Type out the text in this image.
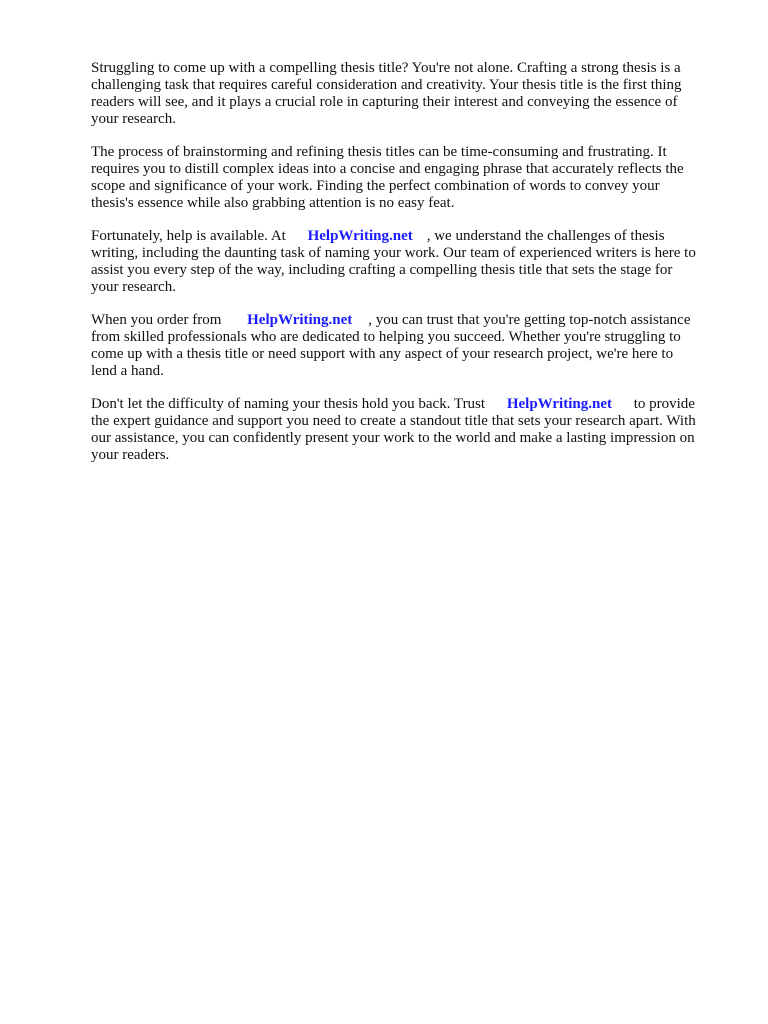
Struggling to come up with a compelling thesis title? You're not alone. Crafting a strong thesis is a
challenging task that requires careful consideration and creativity. Your thesis title is the first thing
readers will see, and it plays a crucial role in capturing their interest and conveying the essence of
your research.

The process of brainstorming and refining thesis titles can be time-consuming and frustrating. It
requires you to distill complex ideas into a concise and engaging phrase that accurately reflects the
scope and significance of your work. Finding the perfect combination of words to convey your
thesis's essence while also grabbing attention is no easy feat.

Fortunately, help is available. At HelpWriting.net , we understand the challenges of thesis
writing, including the daunting task of naming your work. Our team of experienced writers is here to
assist you every step of the way, including crafting a compelling thesis title that sets the stage for
your research.

When you order from HelpWriting.net , you can trust that you're getting top-notch assistance
from skilled professionals who are dedicated to helping you succeed. Whether you're struggling to
come up with a thesis title or need support with any aspect of your research project, we're here to
lend a hand.

Don't let the difficulty of naming your thesis hold you back. Trust HelpWriting.net to provide
the expert guidance and support you need to create a standout title that sets your research apart. With
our assistance, you can confidently present your work to the world and make a lasting impression on
your readers.
